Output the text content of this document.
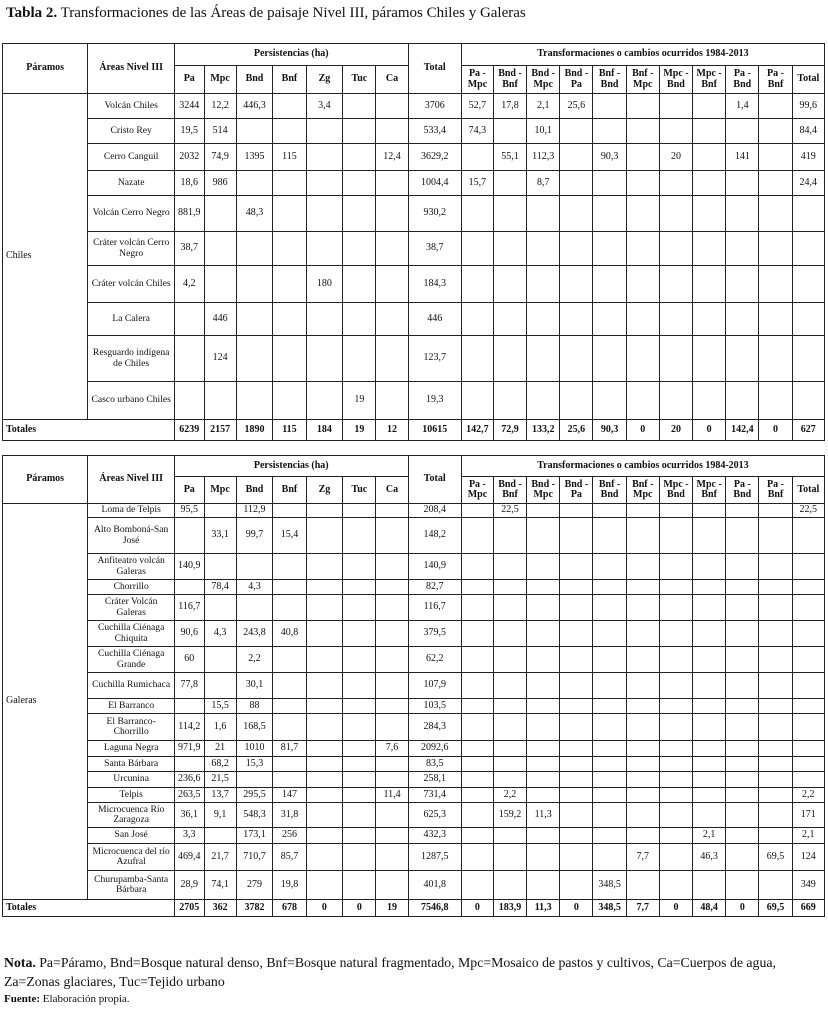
Tabla 2. Transformaciones de las Áreas de paisaje Nivel III, páramos Chiles y Galeras
Páramos	Áreas Nivel III	Persistencias (ha)							Total	Transformaciones o cambios ocurridos 1984-2013										
		Pa	Mpc	Bnd	Bnf	Zg	Tuc	Ca		Pa - Mpc	Bnd - Bnf	Bnd - Mpc	Bnd - Pa	Bnf - Bnd	Bnf - Mpc	Mpc - Bnd	Mpc - Bnf	Pa - Bnd	Pa - Bnf	Total
Chiles	Volcán Chiles	3244	12,2	446,3		3,4			3706	52,7	17,8	2,1	25,6					1,4		99,6
	Cristo Rey	19,5	514						533,4	74,3		10,1								84,4
	Cerro Canguil	2032	74,9	1395	115			12,4	3629,2		55,1	112,3		90,3		20		141		419
	Nazate	18,6	986						1004,4	15,7		8,7								24,4
	Volcán Cerro Negro	881,9		48,3					930,2											
	Cráter volcán Cerro Negro	38,7							38,7											
	Cráter volcán Chiles	4,2				180			184,3											
	La Calera		446						446											
	Resguardo indígena de Chiles		124						123,7											
	Casco urbano Chiles						19		19,3											
Totales		6239	2157	1890	115	184	19	12	10615	142,7	72,9	133,2	25,6	90,3	0	20	0	142,4	0	627
Páramos	Áreas Nivel III	Persistencias (ha)							Total	Transformaciones o cambios ocurridos 1984-2013										
		Pa	Mpc	Bnd	Bnf	Zg	Tuc	Ca		Pa - Mpc	Bnd - Bnf	Bnd - Mpc	Bnd - Pa	Bnf - Bnd	Bnf - Mpc	Mpc - Bnd	Mpc - Bnf	Pa - Bnd	Pa - Bnf	Total
Galeras	Loma de Telpis	95,5		112,9					208,4		22,5									22,5
	Alto Bomboná-San José		33,1	99,7	15,4				148,2											
	Anfiteatro volcán Galeras	140,9							140,9											
	Chorrillo		78,4	4,3					82,7											
	Cráter Volcán Galeras	116,7							116,7											
	Cuchilla Ciénaga Chiquita	90,6	4,3	243,8	40,8				379,5											
	Cuchilla Ciénaga Grande	60		2,2					62,2											
	Cuchilla Rumichaca	77,8		30,1					107,9											
	El Barranco		15,5	88					103,5											
	El Barranco-Chorrillo	114,2	1,6	168,5					284,3											
	Laguna Negra	971,9	21	1010	81,7			7,6	2092,6											
	Santa Bárbara		68,2	15,3					83,5											
	Urcunina	236,6	21,5						258,1											
	Telpis	263,5	13,7	295,5	147			11,4	731,4		2,2									2,2
	Microcuenca Río Zaragoza	36,1	9,1	548,3	31,8				625,3		159,2	11,3								171
	San José	3,3		173,1	256				432,3								2,1			2,1
	Microcuenca del río Azufral	469,4	21,7	710,7	85,7				1287,5						7,7		46,3		69,5	124
	Churupamba-Santa Bárbara	28,9	74,1	279	19,8				401,8					348,5						349
Totales		2705	362	3782	678	0	0	19	7546,8	0	183,9	11,3	0	348,5	7,7	0	48,4	0	69,5	669
Nota. Pa=Páramo, Bnd=Bosque natural denso, Bnf=Bosque natural fragmentado, Mpc=Mosaico de pastos y cultivos, Ca=Cuerpos de agua, Za=Zonas glaciares, Tuc=Tejido urbano
Fuente: Elaboración propia.
